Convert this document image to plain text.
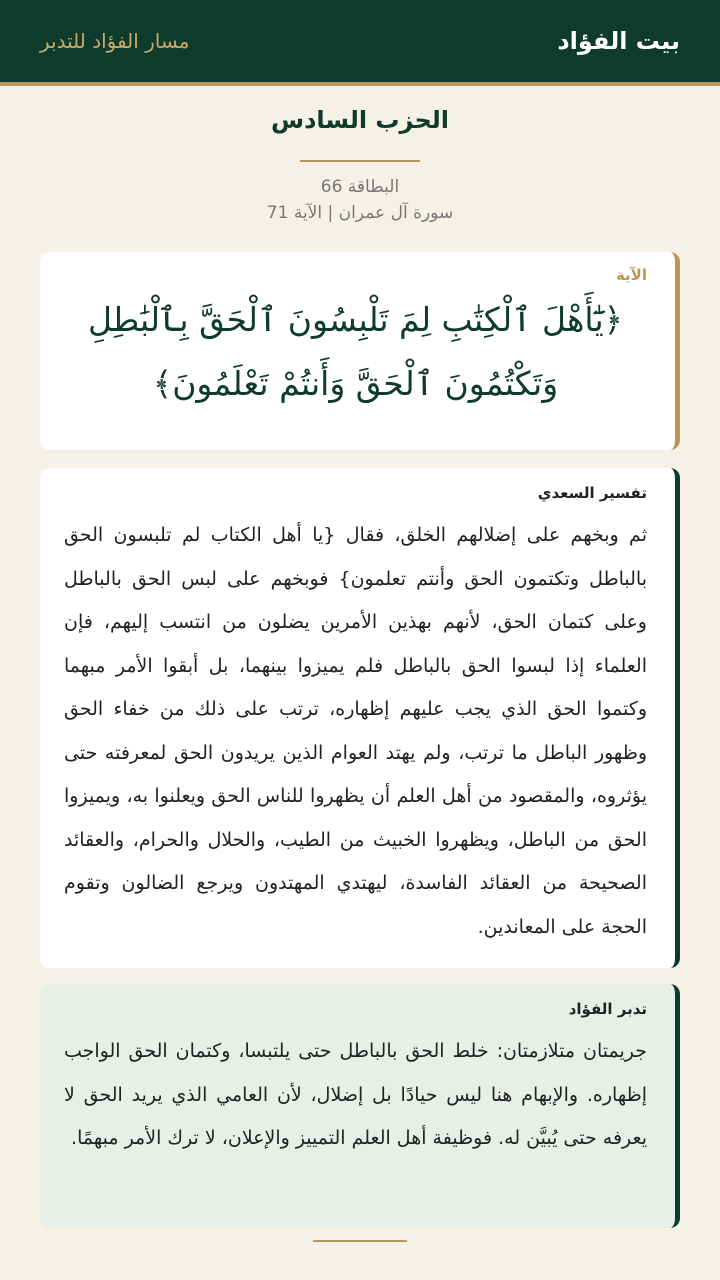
بيت الفؤاد
مسار الفؤاد للتدبر
الحزب السادس
البطاقة 66
سورة آل عمران | الآية 71
الآية
﴿يَٰٓأَهْلَ ٱلْكِتَٰبِ لِمَ تَلْبِسُونَ ٱلْحَقَّ بِٱلْبَٰطِلِ وَتَكْتُمُونَ ٱلْحَقَّ وَأَنتُمْ تَعْلَمُونَ﴾
تفسير السعدي
ثم وبخهم على إضلالهم الخلق، فقال {يا أهل الكتاب لم تلبسون الحق بالباطل وتكتمون الحق وأنتم تعلمون} فوبخهم على لبس الحق بالباطل وعلى كتمان الحق، لأنهم بهذين الأمرين يضلون من انتسب إليهم، فإن العلماء إذا لبسوا الحق بالباطل فلم يميزوا بينهما، بل أبقوا الأمر مبهما وكتموا الحق الذي يجب عليهم إظهاره، ترتب على ذلك من خفاء الحق وظهور الباطل ما ترتب، ولم يهتد العوام الذين يريدون الحق لمعرفته حتى يؤثروه، والمقصود من أهل العلم أن يظهروا للناس الحق ويعلنوا به، ويميزوا الحق من الباطل، ويظهروا الخبيث من الطيب، والحلال والحرام، والعقائد الصحيحة من العقائد الفاسدة، ليهتدي المهتدون ويرجع الضالون وتقوم الحجة على المعاندين.
تدبر الفؤاد
جريمتان متلازمتان: خلط الحق بالباطل حتى يلتبسا، وكتمان الحق الواجب إظهاره. والإبهام هنا ليس حيادًا بل إضلال، لأن العامي الذي يريد الحق لا يعرفه حتى يُبيَّن له. فوظيفة أهل العلم التمييز والإعلان، لا ترك الأمر مبهمًا.
